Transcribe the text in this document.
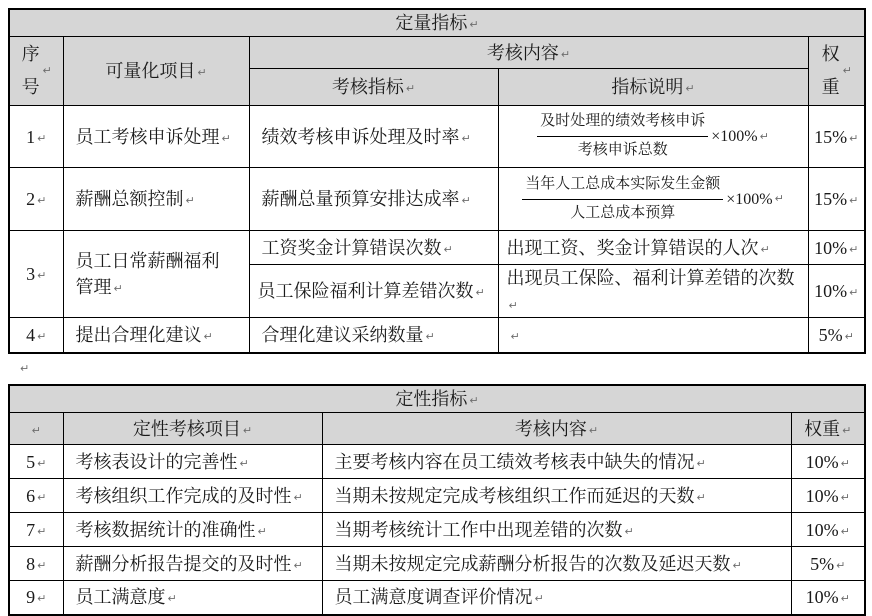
定量指标 ↵				
序号↵	可量化项目 ↵	考核内容 ↵		权重↵
		考核指标 ↵	指标说明 ↵	
1 ↵	员工考核申诉处理 ↵	绩效考核申诉处理及时率 ↵	$\frac{\text{及时处理的绩效考核申诉}}{\text{考核申诉总数}} \times 100\%$ ↵	15% ↵
2 ↵	薪酬总额控制 ↵	薪酬总量预算安排达成率 ↵	$\frac{\text{当年人工总成本实际发生金额}}{\text{人工总成本预算}} \times 100\%$ ↵	15% ↵
3 ↵	员工日常薪酬福利管理 ↵	工资奖金计算错误次数 ↵	出现工资、奖金计算错误的人次 ↵	10% ↵
		员工保险福利计算差错次数 ↵	出现员工保险、福利计算差错的次数↵	10% ↵
4 ↵	提出合理化建议 ↵	合理化建议采纳数量 ↵	↵	5% ↵
↵
定性指标 ↵			
↵	定性考核项目 ↵	考核内容 ↵	权重 ↵
5 ↵	考核表设计的完善性 ↵	主要考核内容在员工绩效考核表中缺失的情况 ↵	10% ↵
6 ↵	考核组织工作完成的及时性 ↵	当期未按规定完成考核组织工作而延迟的天数 ↵	10% ↵
7 ↵	考核数据统计的准确性 ↵	当期考核统计工作中出现差错的次数 ↵	10% ↵
8 ↵	薪酬分析报告提交的及时性 ↵	当期未按规定完成薪酬分析报告的次数及延迟天数 ↵	5% ↵
9 ↵	员工满意度 ↵	员工满意度调查评价情况 ↵	10% ↵
